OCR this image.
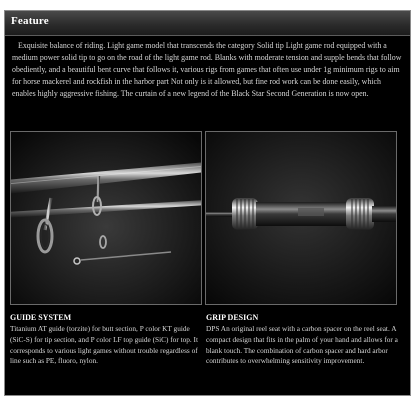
Feature

Exquisite balance of riding. Light game model that transcends the category Solid tip Light game rod equipped with a medium power solid tip to go on the road of the light game rod. Blanks with moderate tension and supple bends that follow obediently, and a beautiful bent curve that follows it, various rigs from games that often use under 1g minimum rigs to aim for horse mackerel and rockfish in the harbor part Not only is it allowed, but fine rod work can be done easily, which enables highly aggressive fishing. The curtain of a new legend of the Black Star Second Generation is now open.

GUIDE SYSTEM

Titanium AT guide (torzite) for butt section, P color KT guide (SiC-S) for tip section, and P color LF top guide (SiC) for top. It corresponds to various light games without trouble regardless of line such as PE, fluoro, nylon.

GRIP DESIGN

DPS An original reel seat with a carbon spacer on the reel seat. A compact design that fits in the palm of your hand and allows for a blank touch. The combination of carbon spacer and hard arbor contributes to overwhelming sensitivity improvement.
